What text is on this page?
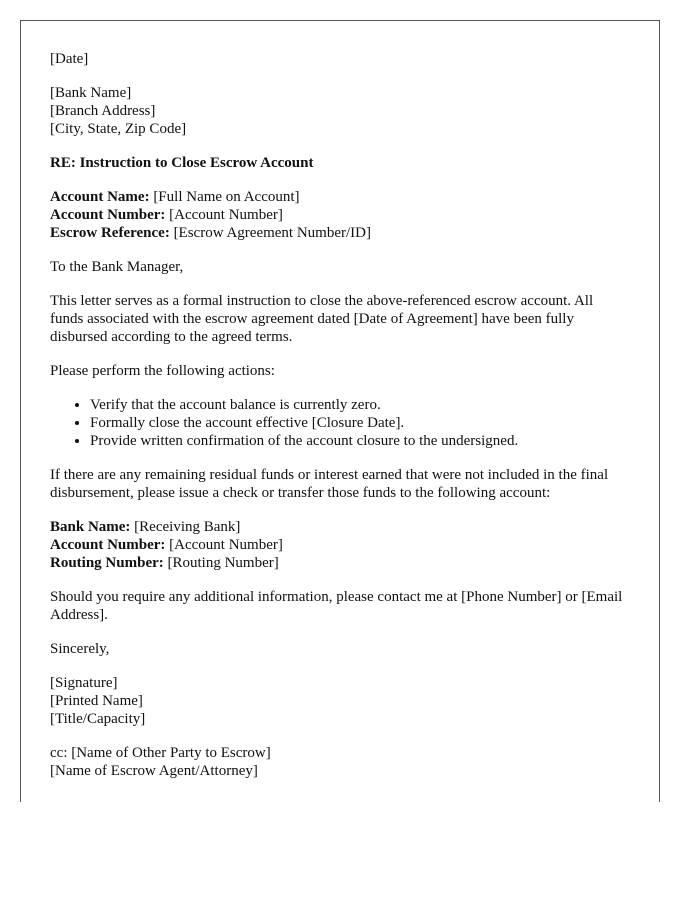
[Date]

[Bank Name]
[Branch Address]
[City, State, Zip Code]

RE: Instruction to Close Escrow Account

Account Name: [Full Name on Account]
Account Number: [Account Number]
Escrow Reference: [Escrow Agreement Number/ID]

To the Bank Manager,

This letter serves as a formal instruction to close the above-referenced escrow account. All funds associated with the escrow agreement dated [Date of Agreement] have been fully disbursed according to the agreed terms.

Please perform the following actions:

• Verify that the account balance is currently zero.
• Formally close the account effective [Closure Date].
• Provide written confirmation of the account closure to the undersigned.

If there are any remaining residual funds or interest earned that were not included in the final disbursement, please issue a check or transfer those funds to the following account:

Bank Name: [Receiving Bank]
Account Number: [Account Number]
Routing Number: [Routing Number]

Should you require any additional information, please contact me at [Phone Number] or [Email Address].

Sincerely,

[Signature]
[Printed Name]
[Title/Capacity]

cc: [Name of Other Party to Escrow]
[Name of Escrow Agent/Attorney]
